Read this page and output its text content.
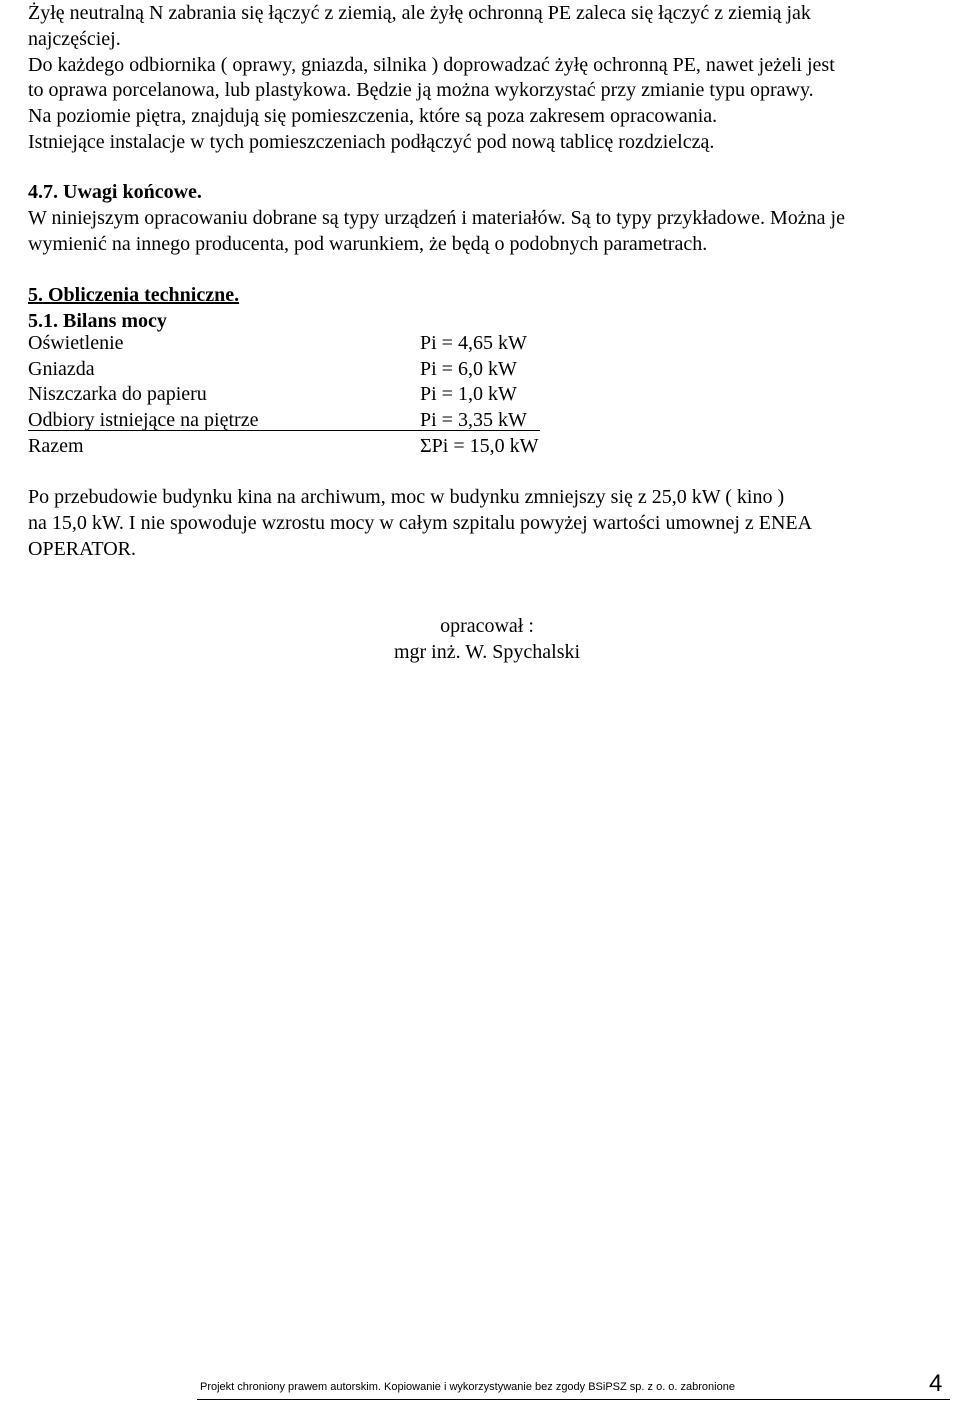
Żyłę neutralną N zabrania się łączyć z ziemią, ale żyłę ochronną PE zaleca się łączyć z ziemią jak
najczęściej.
Do każdego odbiornika ( oprawy, gniazda, silnika ) doprowadzać żyłę ochronną PE, nawet jeżeli jest
to oprawa porcelanowa, lub plastykowa. Będzie ją można wykorzystać przy zmianie typu oprawy.
Na poziomie piętra, znajdują się pomieszczenia, które są poza zakresem opracowania.
Istniejące instalacje w tych pomieszczeniach podłączyć pod nową tablicę rozdzielczą.
4.7. Uwagi końcowe.
W niniejszym opracowaniu dobrane są typy urządzeń i materiałów. Są to typy przykładowe. Można je
wymienić na innego producenta, pod warunkiem, że będą o podobnych parametrach.
5. Obliczenia techniczne.
5.1. Bilans mocy
Oświetlenie	Pi = 4,65 kW
Gniazda	Pi = 6,0 kW
Niszczarka do papieru	Pi = 1,0 kW
Odbiory istniejące na piętrze	Pi = 3,35 kW
Razem	ΣPi = 15,0 kW
Po przebudowie budynku kina na archiwum, moc w budynku zmniejszy się z 25,0 kW ( kino )
na 15,0 kW. I nie spowoduje wzrostu mocy w całym szpitalu powyżej wartości umownej z ENEA
OPERATOR.
opracował :
mgr inż. W. Spychalski
Projekt chroniony prawem autorskim. Kopiowanie i wykorzystywanie bez zgody BSiPSZ sp. z o. o. zabronione	4
